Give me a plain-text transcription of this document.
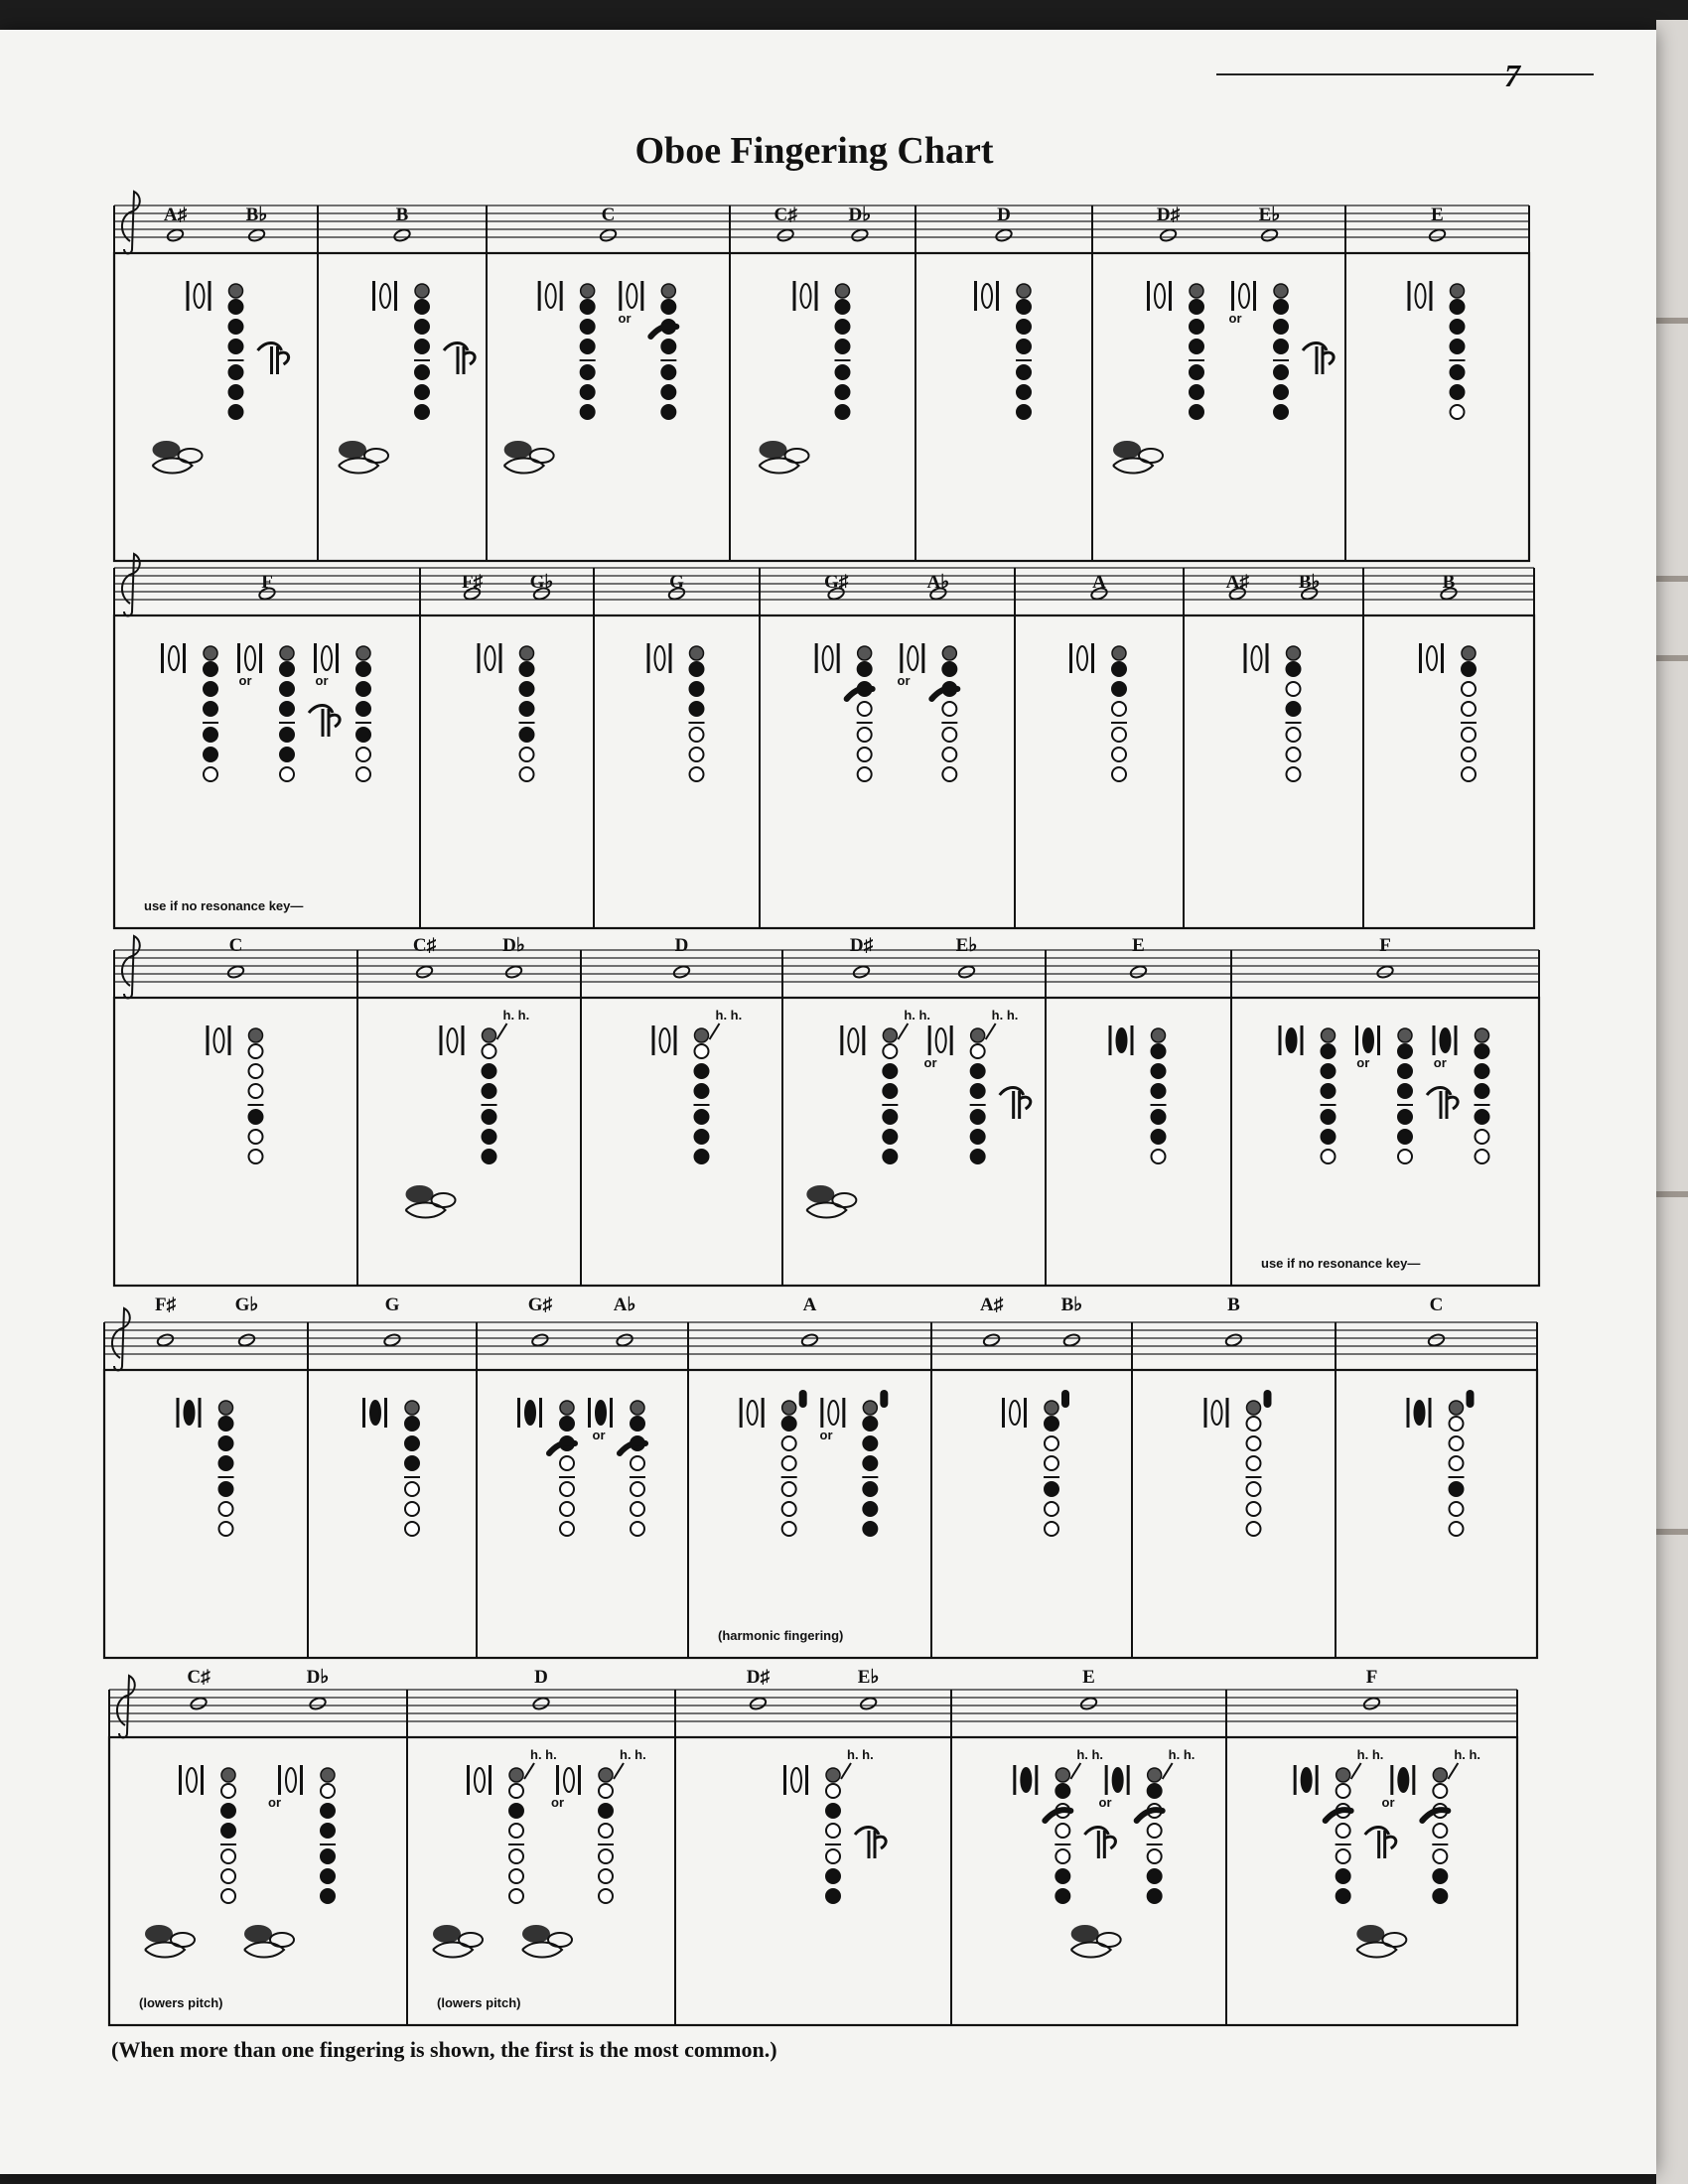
7
Oboe Fingering Chart
A♯	B♭	B	C
or
C♯	D♭	D	D♯	E♭
or
E
F
or	or
use if no resonance key—
F♯	G♭	G	G♯	A♭
or
A	A♯	B♭	B
C	C♯	D♭
h. h.
D
h. h.
D♯	E♭
h. h.
or
h. h.
E	F
or	or
use if no resonance key—
F♯	G♭	G	G♯	A♭
or
A
or
(harmonic fingering)
A♯	B♭	B	C
C♯	D♭
or
(lowers pitch)
D
h. h.
or
h. h.
(lowers pitch)
D♯	E♭
h. h.
E
h. h.
or
h. h.
F
h. h.
or
h. h.
(When more than one fingering is shown, the first is the most common.)
